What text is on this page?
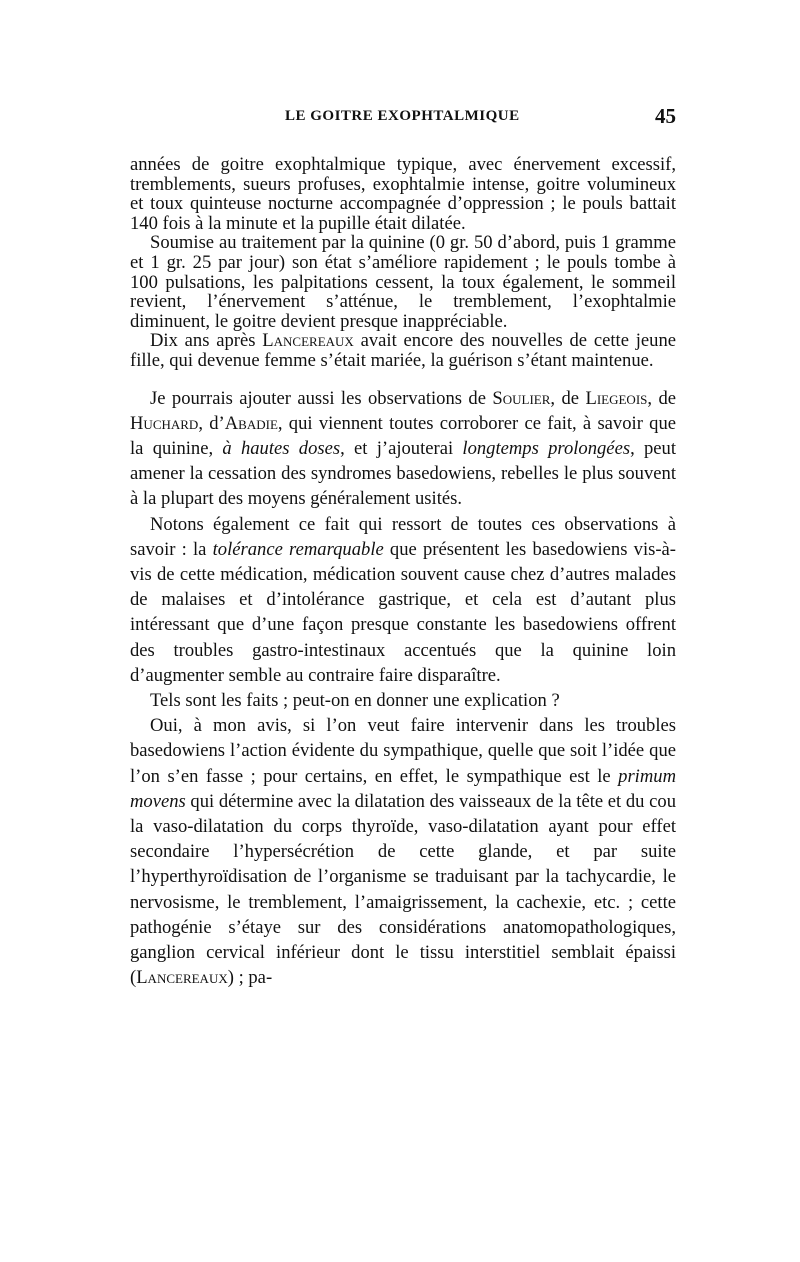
LE GOITRE EXOPHTALMIQUE	45

années de goitre exophtalmique typique, avec énervement excessif, tremblements, sueurs profuses, exophtalmie intense, goitre volumineux et toux quinteuse nocturne accompagnée d’oppression ; le pouls battait 140 fois à la minute et la pupille était dilatée.

Soumise au traitement par la quinine (0 gr. 50 d’abord, puis 1 gramme et 1 gr. 25 par jour) son état s’améliore rapidement ; le pouls tombe à 100 pulsations, les palpitations cessent, la toux également, le sommeil revient, l’énervement s’atténue, le tremblement, l’exophtalmie diminuent, le goitre devient presque inappréciable.

Dix ans après Lancereaux avait encore des nouvelles de cette jeune fille, qui devenue femme s’était mariée, la guérison s’étant maintenue.

Je pourrais ajouter aussi les observations de Soulier, de Liegeois, de Huchard, d’Abadie, qui viennent toutes corroborer ce fait, à savoir que la quinine, à hautes doses, et j’ajouterai longtemps prolongées, peut amener la cessation des syndromes basedowiens, rebelles le plus souvent à la plupart des moyens généralement usités.

Notons également ce fait qui ressort de toutes ces observations à savoir : la tolérance remarquable que présentent les basedowiens vis-à-vis de cette médication, médication souvent cause chez d’autres malades de malaises et d’intolérance gastrique, et cela est d’autant plus intéressant que d’une façon presque constante les basedowiens offrent des troubles gastro-intestinaux accentués que la quinine loin d’augmenter semble au contraire faire disparaître.

Tels sont les faits ; peut-on en donner une explication ?

Oui, à mon avis, si l’on veut faire intervenir dans les troubles basedowiens l’action évidente du sympathique, quelle que soit l’idée que l’on s’en fasse ; pour certains, en effet, le sympathique est le primum movens qui détermine avec la dilatation des vaisseaux de la tête et du cou la vaso-dilatation du corps thyroïde, vaso-dilatation ayant pour effet secondaire l’hypersécrétion de cette glande, et par suite l’hyperthyroïdisation de l’organisme se traduisant par la tachycardie, le nervosisme, le tremblement, l’amaigrissement, la cachexie, etc. ; cette pathogénie s’étaye sur des considérations anatomopathologiques, ganglion cervical inférieur dont le tissu interstitiel semblait épaissi (Lancereaux) ; pa-
